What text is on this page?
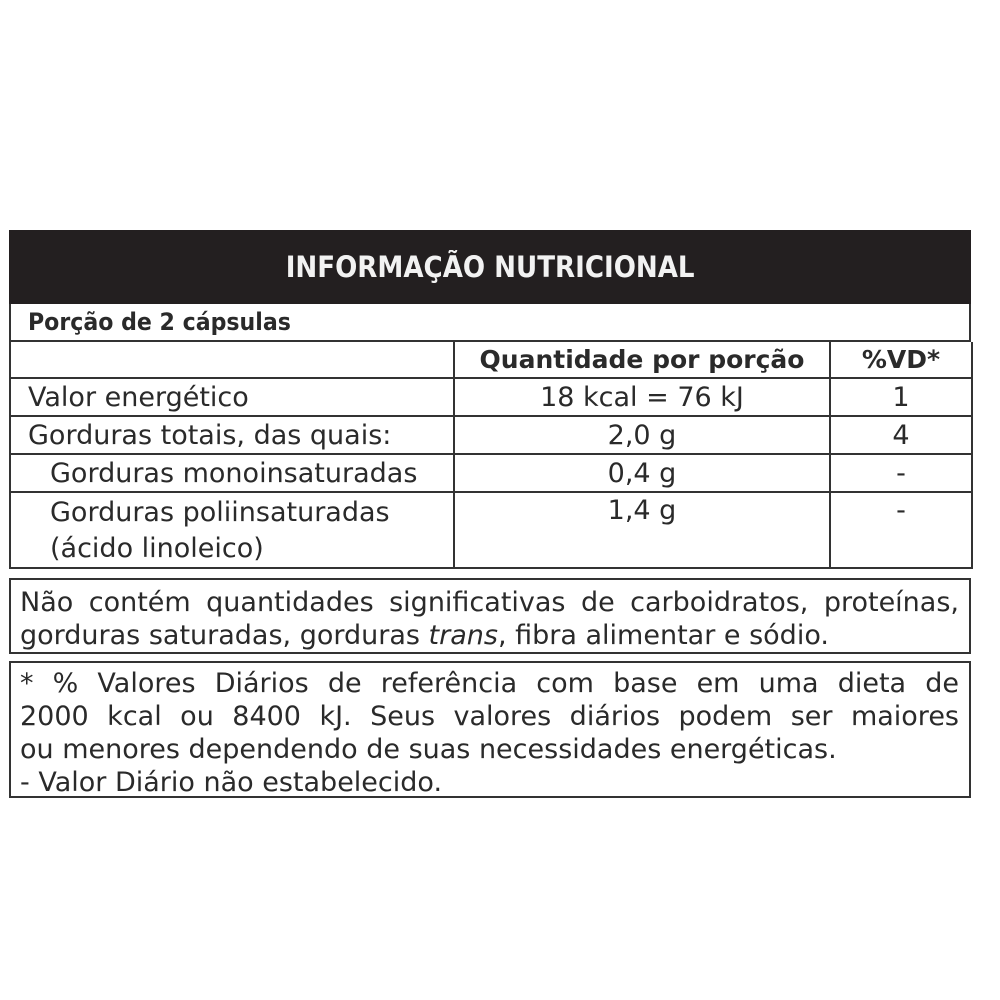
INFORMAÇÃO NUTRICIONAL
Porção de 2 cápsulas
	Quantidade por porção	%VD*
Valor energético	18 kcal = 76 kJ	1
Gorduras totais, das quais:	2,0 g	4
Gorduras monoinsaturadas	0,4 g	-

Gorduras poliinsaturadas
(ácido linoleico)	1,4 g	-

Não contém quantidades significativas de carboidratos, proteínas, gorduras saturadas, gorduras trans, fibra alimentar e sódio.

* % Valores Diários de referência com base em uma dieta de
2000 kcal ou 8400 kJ. Seus valores diários podem ser maiores
ou menores dependendo de suas necessidades energéticas.
- Valor Diário não estabelecido.
